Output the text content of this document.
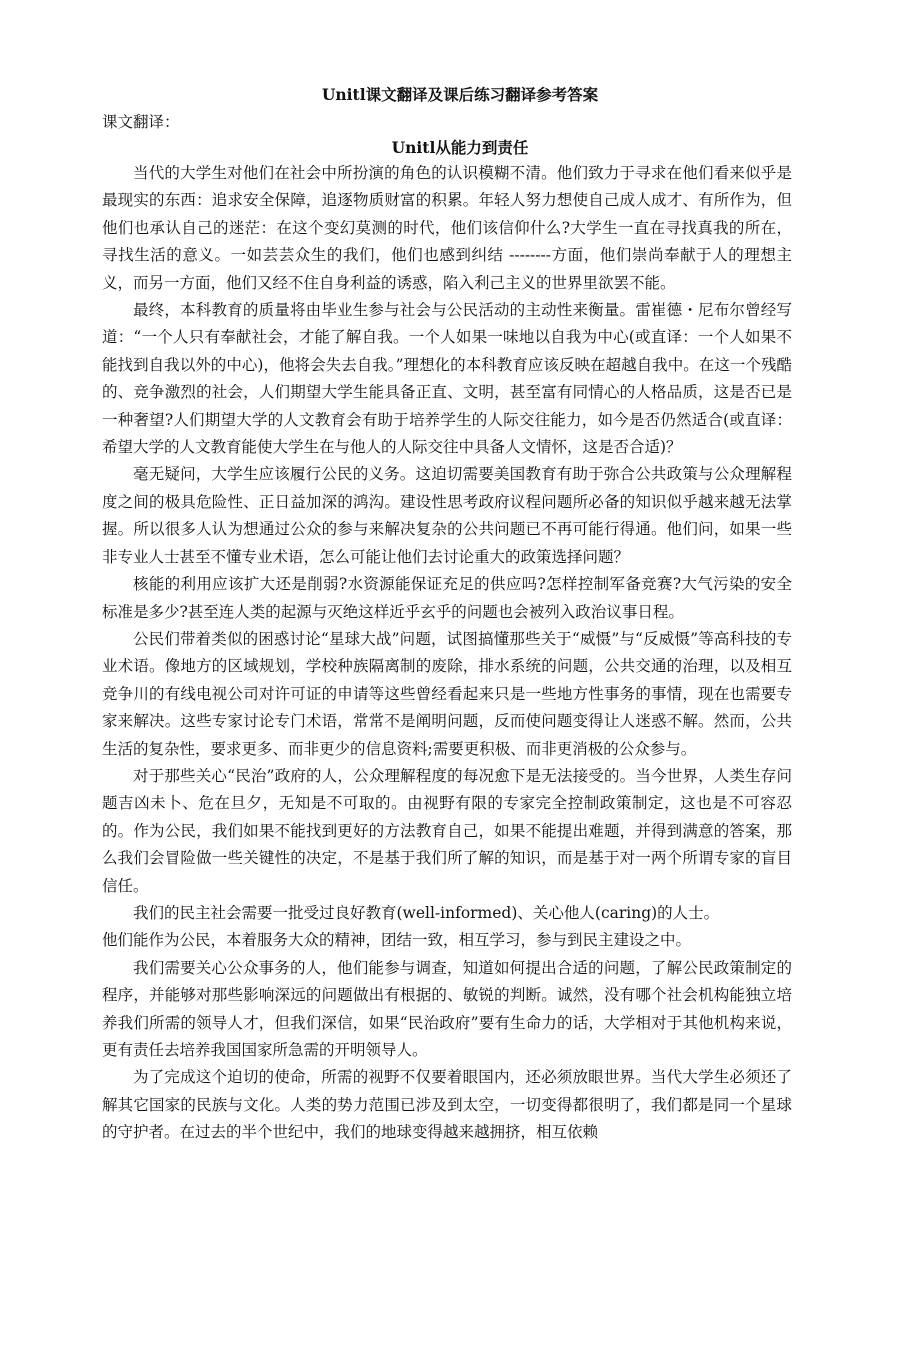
Unitl课文翻译及课后练习翻译参考答案
课文翻译：
Unitl从能力到责任

当代的大学生对他们在社会中所扮演的角色的认识模糊不清。他们致力于寻求在他们看来似乎是最现实的东西：追求安全保障，追逐物质财富的积累。年轻人努力想使自己成人成才、有所作为，但他们也承认自己的迷茫：在这个变幻莫测的时代，他们该信仰什么?大学生一直在寻找真我的所在，寻找生活的意义。一如芸芸众生的我们，他们也感到纠结 --------方面，他们崇尚奉献于人的理想主义，而另一方面，他们又经不住自身利益的诱惑，陷入利己主义的世界里欲罢不能。

最终，本科教育的质量将由毕业生参与社会与公民活动的主动性来衡量。雷崔德・尼布尔曾经写道：“一个人只有奉献社会，才能了解自我。一个人如果一味地以自我为中心(或直译：一个人如果不能找到自我以外的中心)，他将会失去自我。”理想化的本科教育应该反映在超越自我中。在这一个残酷的、竞争激烈的社会，人们期望大学生能具备正直、文明，甚至富有同情心的人格品质，这是否已是一种奢望?人们期望大学的人文教育会有助于培养学生的人际交往能力，如今是否仍然适合(或直译：希望大学的人文教育能使大学生在与他人的人际交往中具备人文情怀，这是否合适)？

毫无疑问，大学生应该履行公民的义务。这迫切需要美国教育有助于弥合公共政策与公众理解程度之间的极具危险性、正日益加深的鸿沟。建设性思考政府议程问题所必备的知识似乎越来越无法掌握。所以很多人认为想通过公众的参与来解决复杂的公共问题已不再可能行得通。他们问，如果一些非专业人士甚至不懂专业术语，怎么可能让他们去讨论重大的政策选择问题？

核能的利用应该扩大还是削弱?水资源能保证充足的供应吗?怎样控制军备竞赛?大气污染的安全标准是多少?甚至连人类的起源与灭绝这样近乎玄乎的问题也会被列入政治议事日程。

公民们带着类似的困惑讨论“星球大战”问题，试图搞懂那些关于“威慑”与“反威慑”等高科技的专业术语。像地方的区域规划，学校种族隔离制的废除，排水系统的问题，公共交通的治理，以及相互竞争川的有线电视公司对许可证的申请等这些曾经看起来只是一些地方性事务的事情，现在也需要专家来解决。这些专家讨论专门术语，常常不是阐明问题，反而使问题变得让人迷惑不解。然而，公共生活的复杂性，要求更多、而非更少的信息资料;需要更积极、而非更消极的公众参与。

对于那些关心“民治”政府的人，公众理解程度的每况愈下是无法接受的。当今世界，人类生存问题吉凶未卜、危在旦夕，无知是不可取的。由视野有限的专家完全控制政策制定，这也是不可容忍的。作为公民，我们如果不能找到更好的方法教育自己，如果不能提出难题，并得到满意的答案，那么我们会冒险做一些关键性的决定，不是基于我们所了解的知识，而是基于对一两个所谓专家的盲目信任。

我们的民主社会需要一批受过良好教育(well-informed)、关心他人(caring)的人士。

他们能作为公民，本着服务大众的精神，团结一致，相互学习，参与到民主建设之中。

我们需要关心公众事务的人，他们能参与调查，知道如何提出合适的问题，了解公民政策制定的程序，并能够对那些影响深远的问题做出有根据的、敏锐的判断。诚然，没有哪个社会机构能独立培养我们所需的领导人才，但我们深信，如果“民治政府”要有生命力的话，大学相对于其他机构来说，更有责任去培养我国国家所急需的开明领导人。

为了完成这个迫切的使命，所需的视野不仅要着眼国内，还必须放眼世界。当代大学生必须还了解其它国家的民族与文化。人类的势力范围已涉及到太空，一切变得都很明了，我们都是同一个星球的守护者。在过去的半个世纪中，我们的地球变得越来越拥挤，相互依赖
